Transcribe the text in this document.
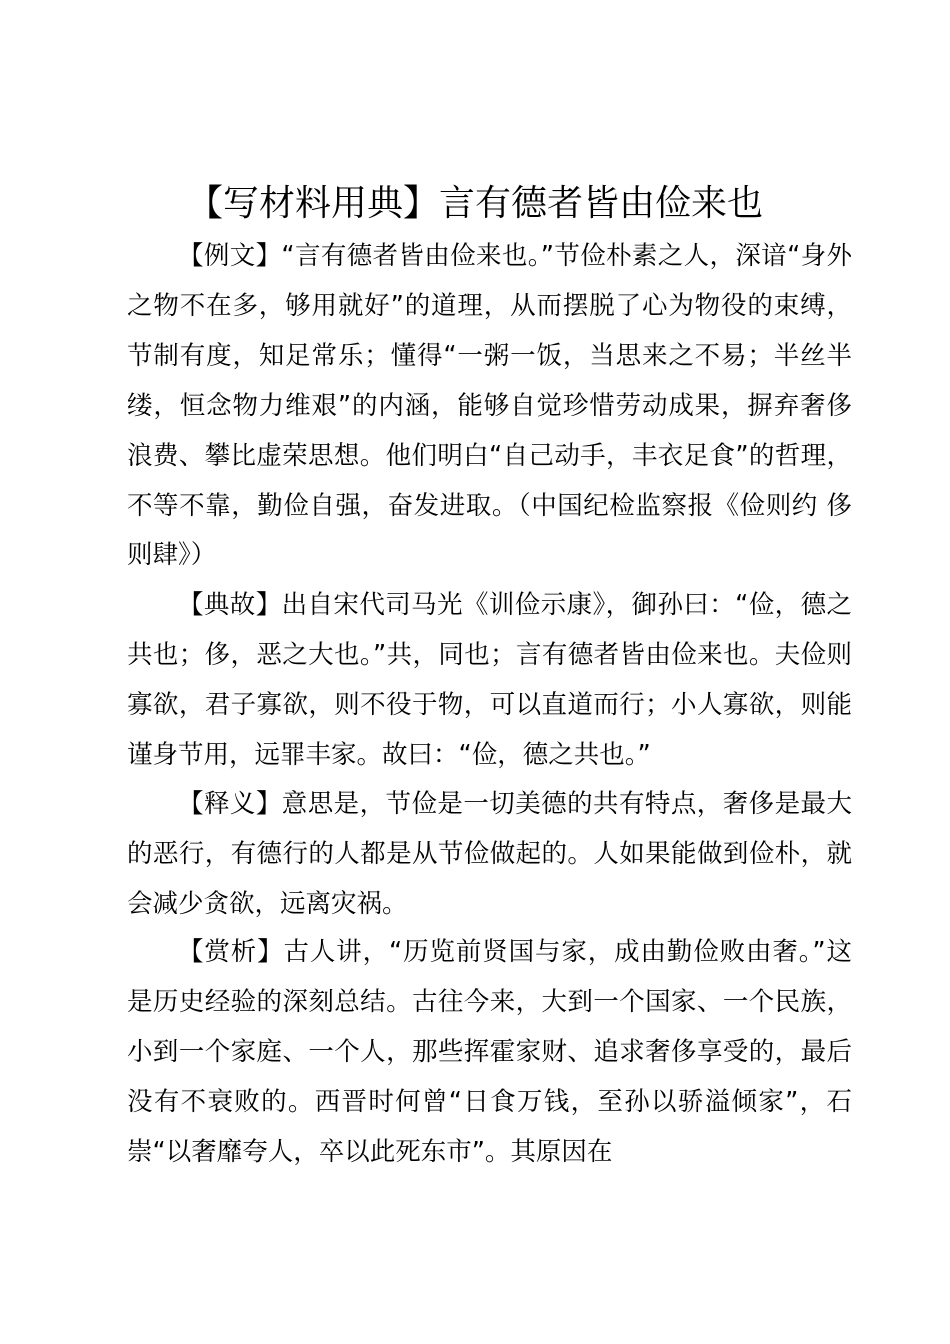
【写材料用典】言有德者皆由俭来也

【例文】“言有德者皆由俭来也。”节俭朴素之人，深谙“身外之物不在多，够用就好”的道理，从而摆脱了心为物役的束缚，节制有度，知足常乐；懂得“一粥一饭，当思来之不易；半丝半缕，恒念物力维艰”的内涵，能够自觉珍惜劳动成果，摒弃奢侈浪费、攀比虚荣思想。他们明白“自己动手，丰衣足食”的哲理，不等不靠，勤俭自强，奋发进取。（中国纪检监察报《俭则约 侈则肆》）

【典故】出自宋代司马光《训俭示康》，御孙曰：“俭，德之共也；侈，恶之大也。”共，同也；言有德者皆由俭来也。夫俭则寡欲，君子寡欲，则不役于物，可以直道而行；小人寡欲，则能谨身节用，远罪丰家。故曰：“俭，德之共也。”

【释义】意思是，节俭是一切美德的共有特点，奢侈是最大的恶行，有德行的人都是从节俭做起的。人如果能做到俭朴，就会减少贪欲，远离灾祸。

【赏析】古人讲，“历览前贤国与家，成由勤俭败由奢。”这是历史经验的深刻总结。古往今来，大到一个国家、一个民族，小到一个家庭、一个人，那些挥霍家财、追求奢侈享受的，最后没有不衰败的。西晋时何曾“日食万钱，至孙以骄溢倾家”，石崇“以奢靡夸人，卒以此死东市”。其原因在
